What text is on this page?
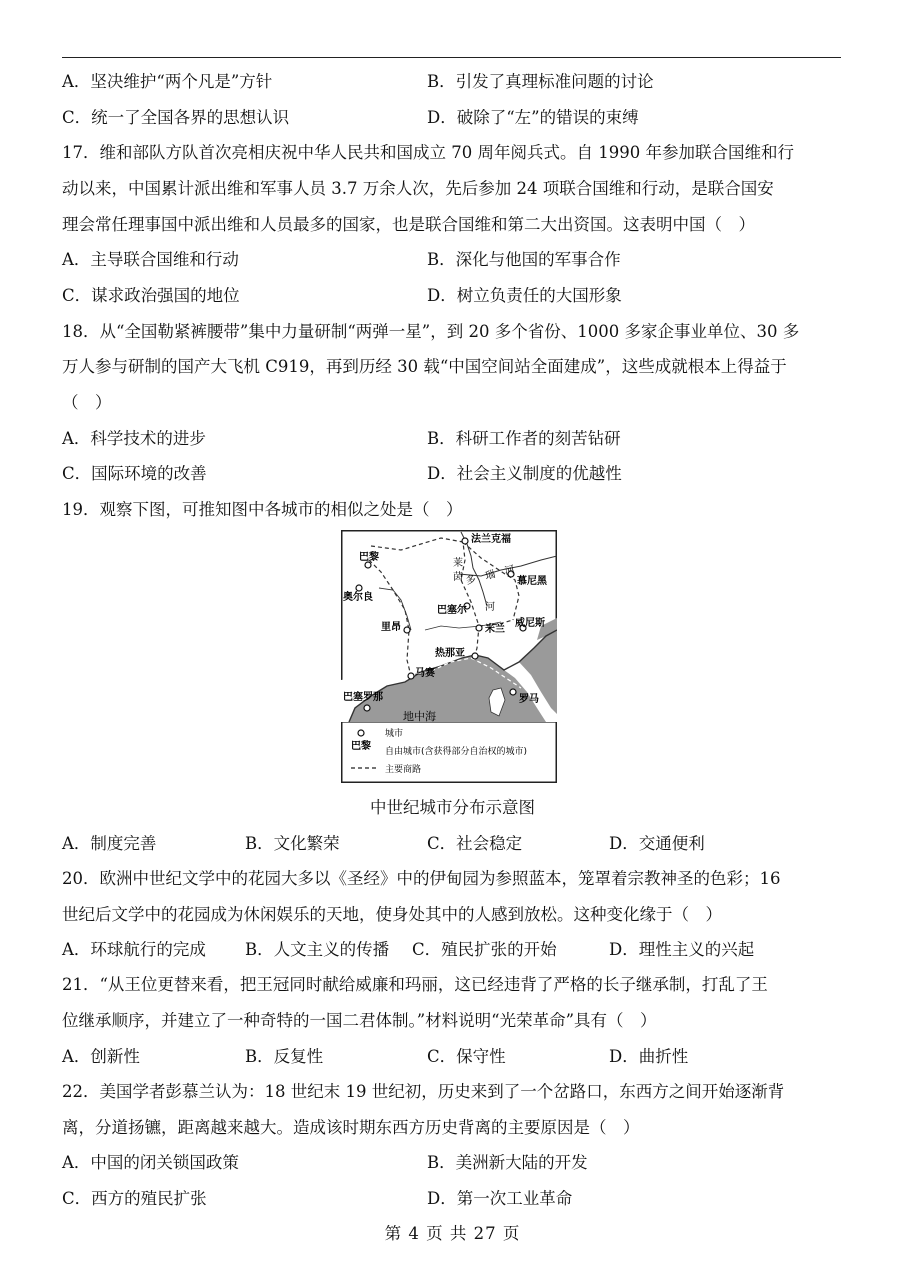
A．坚决维护“两个凡是”方针	B．引发了真理标准问题的讨论
C．统一了全国各界的思想认识	D．破除了“左”的错误的束缚
17．维和部队方队首次亮相庆祝中华人民共和国成立 70 周年阅兵式。自 1990 年参加联合国维和行
动以来，中国累计派出维和军事人员 3.7 万余人次，先后参加 24 项联合国维和行动，是联合国安
理会常任理事国中派出维和人员最多的国家，也是联合国维和第二大出资国。这表明中国（　）
A．主导联合国维和行动	B．深化与他国的军事合作
C．谋求政治强国的地位	D．树立负责任的大国形象
18．从“全国勒紧裤腰带”集中力量研制“两弹一星”，到 20 多个省份、1000 多家企事业单位、30 多
万人参与研制的国产大飞机 C919，再到历经 30 载“中国空间站全面建成”，这些成就根本上得益于
（　）
A．科学技术的进步	B．科研工作者的刻苦钻研
C．国际环境的改善	D．社会主义制度的优越性
19．观察下图，可推知图中各城市的相似之处是（　）
法兰克福
巴黎
奥尔良
巴塞尔
里昂	米兰
威尼斯
热那亚
马赛
巴塞罗那	罗马
慕尼黑
莱
茵
河
多　瑙　河
地中海
巴黎
城市
自由城市(含获得部分自治权的城市)
主要商路
中世纪城市分布示意图
A．制度完善	B．文化繁荣	C．社会稳定	D．交通便利
20．欧洲中世纪文学中的花园大多以《圣经》中的伊甸园为参照蓝本，笼罩着宗教神圣的色彩；16
世纪后文学中的花园成为休闲娱乐的天地，使身处其中的人感到放松。这种变化缘于（　）
A．环球航行的完成 B．人文主义的传播 C．殖民扩张的开始	D．理性主义的兴起
21．“从王位更替来看，把王冠同时献给威廉和玛丽，这已经违背了严格的长子继承制，打乱了王
位继承顺序，并建立了一种奇特的一国二君体制。”材料说明“光荣革命”具有（　）
A．创新性	B．反复性	C．保守性	D．曲折性
22．美国学者彭慕兰认为：18 世纪末 19 世纪初，历史来到了一个岔路口，东西方之间开始逐渐背
离，分道扬镳，距离越来越大。造成该时期东西方历史背离的主要原因是（　）
A．中国的闭关锁国政策	B．美洲新大陆的开发
C．西方的殖民扩张	D．第一次工业革命
第 4 页 共 27 页
